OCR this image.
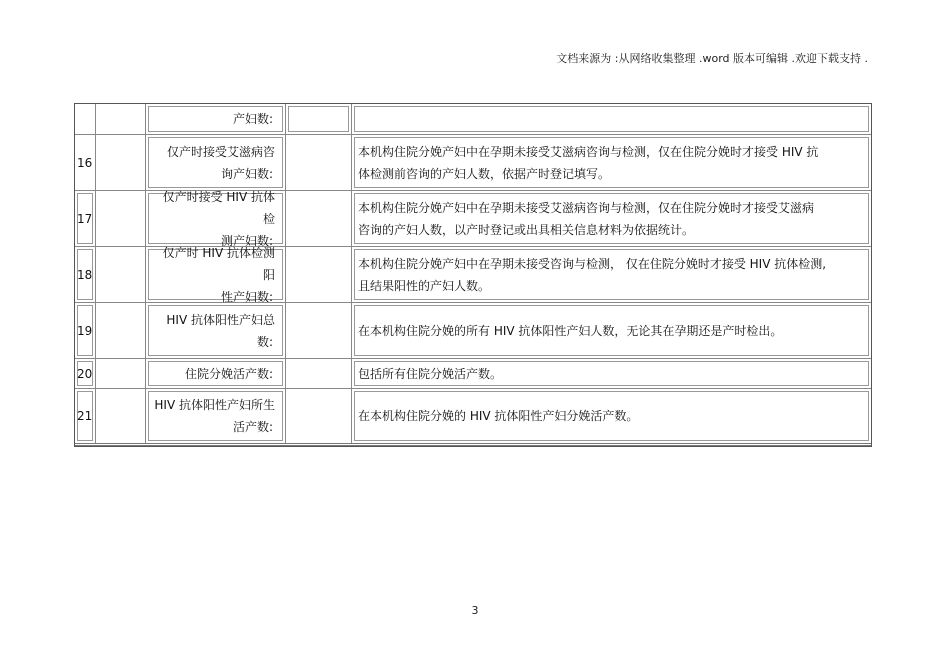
文档来源为 :从网络收集整理 .word 版本可编辑 .欢迎下载支持 .
产妇数:
16
仅产时接受艾滋病咨
询产妇数:
本机构住院分娩产妇中在孕期未接受艾滋病咨询与检测，仅在住院分娩时才接受 HIV 抗
体检测前咨询的产妇人数，依据产时登记填写。
17
仅产时接受 HIV 抗体检
测产妇数:
本机构住院分娩产妇中在孕期未接受艾滋病咨询与检测，仅在住院分娩时才接受艾滋病
咨询的产妇人数，以产时登记或出具相关信息材料为依据统计。
18
仅产时 HIV 抗体检测阳
性产妇数:
本机构住院分娩产妇中在孕期未接受咨询与检测， 仅在住院分娩时才接受 HIV 抗体检测,
且结果阳性的产妇人数。
19
HIV 抗体阳性产妇总
数:
在本机构住院分娩的所有 HIV 抗体阳性产妇人数，无论其在孕期还是产时检出。
20	住院分娩活产数:	包括所有住院分娩活产数。
21
HIV 抗体阳性产妇所生
活产数:
在本机构住院分娩的 HIV 抗体阳性产妇分娩活产数。
3
